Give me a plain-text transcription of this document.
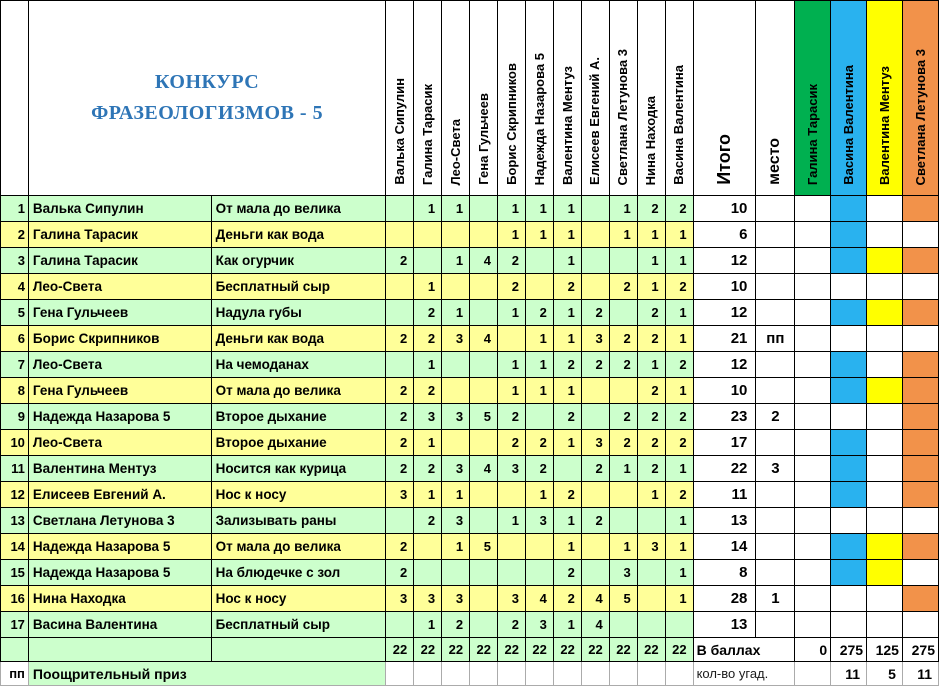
	КОНКУРС
ФРАЗЕОЛОГИЗМОВ - 5		Валька Сипулин	Галина Тарасик	Лео-Света	Гена Гульчеев	Борис Скрипников	Надежда Назарова 5	Валентина Ментуз	Елисеев Евгений А.	Светлана Летунова 3	Нина Находка	Васина Валентина	Итого	место	Галина Тарасик	Васина Валентина	Валентина Ментуз	Светлана Летунова 3
1	Валька Сипулин	От мала до велика		1	1		1	1	1		1	2	2	10					
2	Галина Тарасик	Деньги как вода					1	1	1		1	1	1	6					
3	Галина Тарасик	Как огурчик	2		1	4	2		1			1	1	12					
4	Лео-Света	Бесплатный сыр		1			2		2		2	1	2	10					
5	Гена Гульчеев	Надула губы		2	1		1	2	1	2		2	1	12					
6	Борис Скрипников	Деньги как вода	2	2	3	4		1	1	3	2	2	1	21	пп				
7	Лео-Света	На чемоданах		1			1	1	2	2	2	1	2	12					
8	Гена Гульчеев	От мала до велика	2	2			1	1	1			2	1	10					
9	Надежда Назарова 5	Второе дыхание	2	3	3	5	2		2		2	2	2	23	2				
10	Лео-Света	Второе дыхание	2	1			2	2	1	3	2	2	2	17					
11	Валентина Ментуз	Носится как курица	2	2	3	4	3	2		2	1	2	1	22	3				
12	Елисеев Евгений А.	Нос к носу	3	1	1			1	2			1	2	11					
13	Светлана Летунова 3	Зализывать раны		2	3		1	3	1	2			1	13					
14	Надежда Назарова 5	От мала до велика	2		1	5			1		1	3	1	14					
15	Надежда Назарова 5	На блюдечке с зол	2						2		3		1	8					
16	Нина Находка	Нос к носу	3	3	3		3	4	2	4	5		1	28	1				
17	Васина Валентина	Бесплатный сыр		1	2		2	3	1	4				13					
			22	22	22	22	22	22	22	22	22	22	22	В баллах		0	275	125	275
пп	Поощрительный приз													кол-во угад.			11	5	11
